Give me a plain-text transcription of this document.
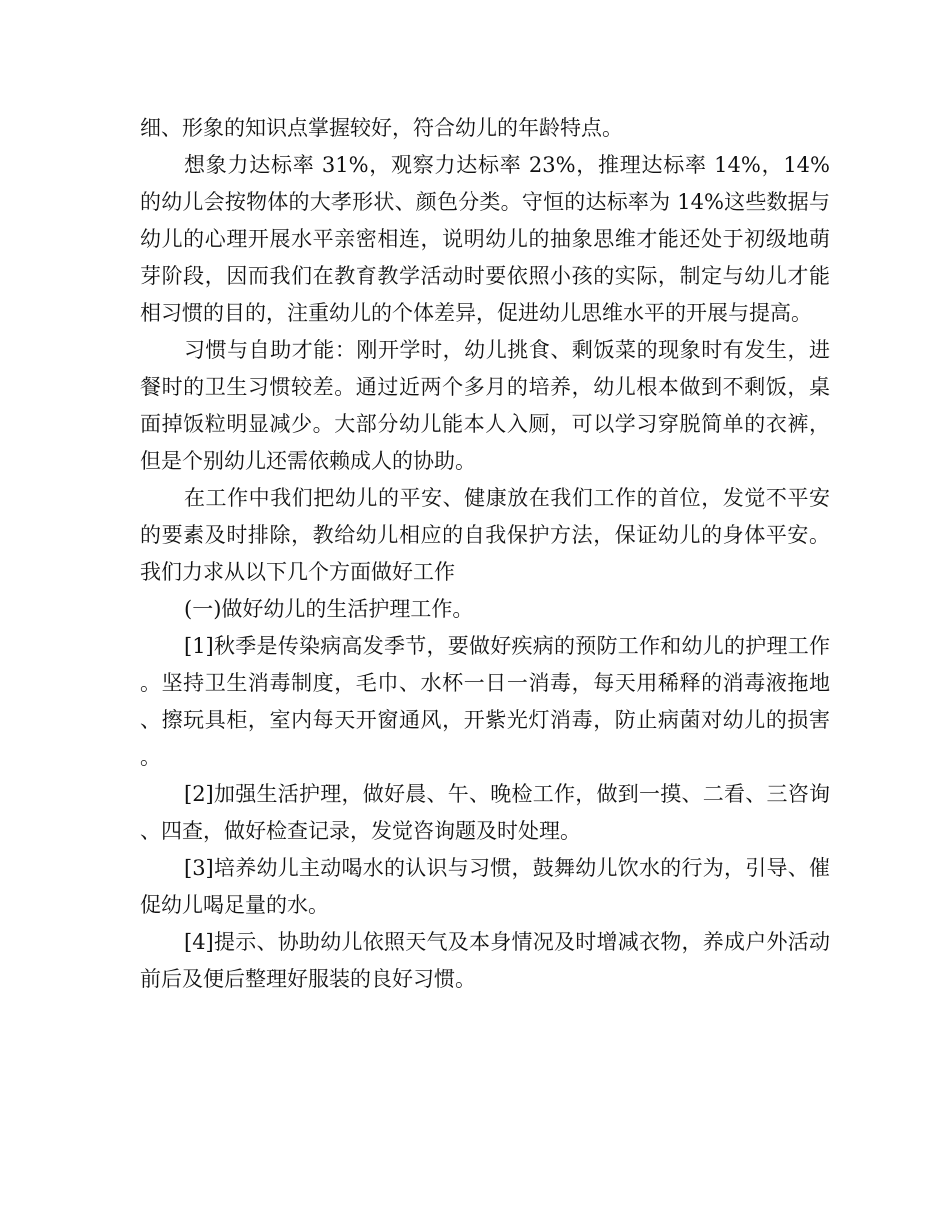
细、形象的知识点掌握较好，符合幼儿的年龄特点。

想象力达标率 31%，观察力达标率 23%，推理达标率 14%，14%的幼儿会按物体的大孝形状、颜色分类。守恒的达标率为 14%这些数据与幼儿的心理开展水平亲密相连，说明幼儿的抽象思维才能还处于初级地萌芽阶段，因而我们在教育教学活动时要依照小孩的实际，制定与幼儿才能相习惯的目的，注重幼儿的个体差异，促进幼儿思维水平的开展与提高。

习惯与自助才能：刚开学时，幼儿挑食、剩饭菜的现象时有发生，进餐时的卫生习惯较差。通过近两个多月的培养，幼儿根本做到不剩饭，桌面掉饭粒明显减少。大部分幼儿能本人入厕，可以学习穿脱简单的衣裤，但是个别幼儿还需依赖成人的协助。

在工作中我们把幼儿的平安、健康放在我们工作的首位，发觉不平安的要素及时排除，教给幼儿相应的自我保护方法，保证幼儿的身体平安。我们力求从以下几个方面做好工作

(一)做好幼儿的生活护理工作。

[1]秋季是传染病高发季节，要做好疾病的预防工作和幼儿的护理工作。坚持卫生消毒制度，毛巾、水杯一日一消毒，每天用稀释的消毒液拖地、擦玩具柜，室内每天开窗通风，开紫光灯消毒，防止病菌对幼儿的损害。

[2]加强生活护理，做好晨、午、晚检工作，做到一摸、二看、三咨询、四查，做好检查记录，发觉咨询题及时处理。

[3]培养幼儿主动喝水的认识与习惯，鼓舞幼儿饮水的行为，引导、催促幼儿喝足量的水。

[4]提示、协助幼儿依照天气及本身情况及时增减衣物，养成户外活动前后及便后整理好服装的良好习惯。
